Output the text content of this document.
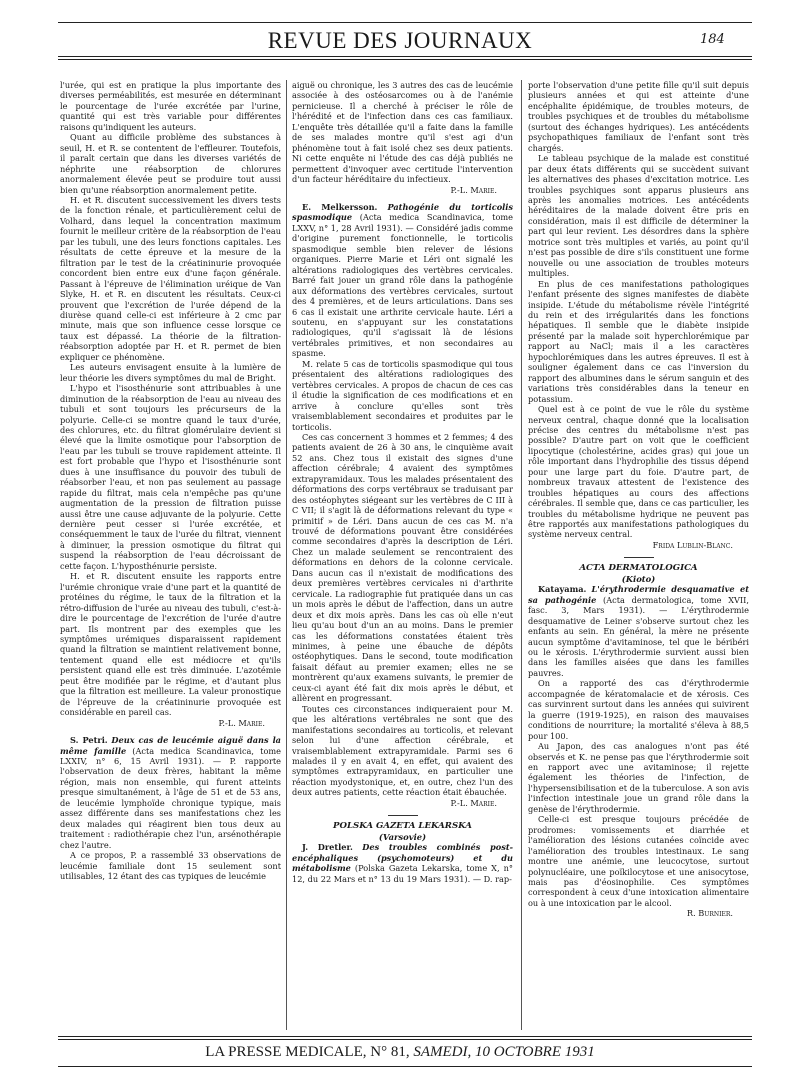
REVUE DES JOURNAUX	184

l'urée, qui est en pratique la plus importante des diverses perméabilités, est mesurée en déterminant le pourcentage de l'urée excrétée par l'urine, quantité qui est très variable pour différentes raisons qu'indiquent les auteurs.

Quant au difficile problème des substances à seuil, H. et R. se contentent de l'effleurer. Toutefois, il paraît certain que dans les diverses variétés de néphrite une réabsorption de chlorures anormalement élevée peut se produire tout aussi bien qu'une réabsorption anormalement petite.

H. et R. discutent successivement les divers tests de la fonction rénale, et particulièrement celui de Volhard, dans lequel la concentration maximum fournit le meilleur critère de la réabsorption de l'eau par les tubuli, une des leurs fonctions capitales. Les résultats de cette épreuve et la mesure de la filtration par le test de la créatininurie provoquée concordent bien entre eux d'une façon générale. Passant à l'épreuve de l'élimination uréique de Van Slyke, H. et R. en discutent les résultats. Ceux-ci prouvent que l'excrétion de l'urée dépend de la diurèse quand celle-ci est inférieure à 2 cmc par minute, mais que son influence cesse lorsque ce taux est dépassé. La théorie de la filtration-réabsorption adoptée par H. et R. permet de bien expliquer ce phénomène.

Les auteurs envisagent ensuite à la lumière de leur théorie les divers symptômes du mal de Bright.

L'hypo et l'isosthénurie sont attribuables à une diminution de la réabsorption de l'eau au niveau des tubuli et sont toujours les précurseurs de la polyurie. Celle-ci se montre quand le taux d'urée, des chlorures, etc. du filtrat glomérulaire devient si élevé que la limite osmotique pour l'absorption de l'eau par les tubuli se trouve rapidement atteinte. Il est fort probable que l'hypo et l'isosthénurie sont dues à une insuffisance du pouvoir des tubuli de réabsorber l'eau, et non pas seulement au passage rapide du filtrat, mais cela n'empêche pas qu'une augmentation de la pression de filtration puisse aussi être une cause adjuvante de la polyurie. Cette dernière peut cesser si l'urée excrétée, et conséquemment le taux de l'urée du filtrat, viennent à diminuer, la pression osmotique du filtrat qui suspend la réabsorption de l'eau décroissant de cette façon. L'hyposthénurie persiste.

H. et R. discutent ensuite les rapports entre l'urémie chronique vraie d'une part et la quantité de protéines du régime, le taux de la filtration et la rétro-diffusion de l'urée au niveau des tubuli, c'est-à-dire le pourcentage de l'excrétion de l'urée d'autre part. Ils montrent par des exemples que les symptômes urémiques disparaissent rapidement quand la filtration se maintient relativement bonne, tentement quand elle est médiocre et qu'ils persistent quand elle est très diminuée. L'azotémie peut être modifiée par le régime, et d'autant plus que la filtration est meilleure. La valeur pronostique de l'épreuve de la créatininurie provoquée est considérable en pareil cas.

P.-L. Marie.

S. Petri. Deux cas de leucémie aiguë dans la même famille (Acta medica Scandinavica, tome LXXIV, n° 6, 15 Avril 1931). — P. rapporte l'observation de deux frères, habitant la même région, mais non ensemble, qui furent atteints presque simultanément, à l'âge de 51 et de 53 ans, de leucémie lymphoïde chronique typique, mais assez différente dans ses manifestations chez les deux malades qui réagirent bien tous deux au traitement : radiothérapie chez l'un, arsénothérapie chez l'autre.

A ce propos, P. a rassemblé 33 observations de leucémie familiale dont 15 seulement sont utilisables, 12 étant des cas typiques de leucémie

aiguë ou chronique, les 3 autres des cas de leucémie associée à des ostéosarcomes ou à de l'anémie pernicieuse. Il a cherché à préciser le rôle de l'hérédité et de l'infection dans ces cas familiaux. L'enquête très détaillée qu'il a faite dans la famille de ses malades montre qu'il s'est agi d'un phénomène tout à fait isolé chez ses deux patients. Ni cette enquête ni l'étude des cas déjà publiés ne permettent d'invoquer avec certitude l'intervention d'un facteur héréditaire du infectieux.

P.-L. Marie.

E. Melkersson. Pathogénie du torticolis spasmodique (Acta medica Scandinavica, tome LXXV, n° 1, 28 Avril 1931). — Considéré jadis comme d'origine purement fonctionnelle, le torticolis spasmodique semble bien relever de lésions organiques. Pierre Marie et Léri ont signalé les altérations radiologiques des vertèbres cervicales. Barré fait jouer un grand rôle dans la pathogénie aux déformations des vertèbres cervicales, surtout des 4 premières, et de leurs articulations. Dans ses 6 cas il existait une arthrite cervicale haute. Léri a soutenu, en s'appuyant sur les constatations radiologiques, qu'il s'agissait là de lésions vertébrales primitives, et non secondaires au spasme.

M. relate 5 cas de torticolis spasmodique qui tous présentaient des altérations radiologiques des vertèbres cervicales. A propos de chacun de ces cas il étudie la signification de ces modifications et en arrive à conclure qu'elles sont très vraisemblablement secondaires et produites par le torticolis.

Ces cas concernent 3 hommes et 2 femmes; 4 des patients avaient de 26 à 30 ans, le cinquième avait 52 ans. Chez tous il existait des signes d'une affection cérébrale; 4 avaient des symptômes extrapyramidaux. Tous les malades présentaient des déformations des corps vertébraux se traduisant par des ostéophytes siégeant sur les vertèbres de C III à C VII; il s'agit là de déformations relevant du type « primitif » de Léri. Dans aucun de ces cas M. n'a trouvé de déformations pouvant être considérées comme secondaires d'après la description de Léri. Chez un malade seulement se rencontraient des déformations en dehors de la colonne cervicale. Dans aucun cas il n'existait de modifications des deux premières vertèbres cervicales ni d'arthrite cervicale. La radiographie fut pratiquée dans un cas un mois après le début de l'affection, dans un autre deux et dix mois après. Dans les cas où elle n'eut lieu qu'au bout d'un an au moins. Dans le premier cas les déformations constatées étaient très minimes, à peine une ébauche de dépôts ostéophytiques. Dans le second, toute modification faisait défaut au premier examen; elles ne se montrèrent qu'aux examens suivants, le premier de ceux-ci ayant été fait dix mois après le début, et allèrent en progressant.

Toutes ces circonstances indiqueraient pour M. que les altérations vertébrales ne sont que des manifestations secondaires au torticolis, et relevant selon lui d'une affection cérébrale, et vraisemblablement extrapyramidale. Parmi ses 6 malades il y en avait 4, en effet, qui avaient des symptômes extrapyramidaux, en particulier une réaction myodystonique, et, en outre, chez l'un des deux autres patients, cette réaction était ébauchée.

P.-L. Marie.

POLSKA GAZETA LEKARSKA

(Varsovie)

J. Dretler. Des troubles combinés post-encéphaliques (psychomoteurs) et du métabolisme (Polska Gazeta Lekarska, tome X, n° 12, du 22 Mars et n° 13 du 19 Mars 1931). — D. rap-

porte l'observation d'une petite fille qu'il suit depuis plusieurs années et qui est atteinte d'une encéphalite épidémique, de troubles moteurs, de troubles psychiques et de troubles du métabolisme (surtout des échanges hydriques). Les antécédents psychopathiques familiaux de l'enfant sont très chargés.

Le tableau psychique de la malade est constitué par deux états différents qui se succèdent suivant les alternatives des phases d'excitation motrice. Les troubles psychiques sont apparus plusieurs ans après les anomalies motrices. Les antécédents héréditaires de la malade doivent être pris en considération, mais il est difficile de déterminer la part qui leur revient. Les désordres dans la sphère motrice sont très multiples et variés, au point qu'il n'est pas possible de dire s'ils constituent une forme nouvelle ou une association de troubles moteurs multiples.

En plus de ces manifestations pathologiques l'enfant présente des signes manifestes de diabète insipide. L'étude du métabolisme révèle l'intégrité du rein et des irrégularités dans les fonctions hépatiques. Il semble que le diabète insipide présenté par la malade soit hyperchlorémique par rapport au NaCl; mais il a les caractères hypochlorémiques dans les autres épreuves. Il est à souligner également dans ce cas l'inversion du rapport des albumines dans le sérum sanguin et des variations très considérables dans la teneur en potassium.

Quel est à ce point de vue le rôle du système nerveux central, chaque donné que la localisation précise des centres du métabolisme n'est pas possible? D'autre part on voit que le coefficient lipocytique (cholestérine, acides gras) qui joue un rôle important dans l'hydrophilie des tissus dépend pour une large part du foie. D'autre part, de nombreux travaux attestent de l'existence des troubles hépatiques au cours des affections cérébrales. Il semble que, dans ce cas particulier, les troubles du métabolisme hydrique ne peuvent pas être rapportés aux manifestations pathologiques du système nerveux central.

Frida Lublin-Blanc.

ACTA DERMATOLOGICA

(Kioto)

Katayama. L'érythrodermie desquamative et sa pathogénie (Acta dermatologica, tome XVII, fasc. 3, Mars 1931). — L'érythrodermie desquamative de Leiner s'observe surtout chez les enfants au sein. En général, la mère ne présente aucun symptôme d'avitaminose, tel que le béribéri ou le xérosis. L'érythrodermie survient aussi bien dans les familles aisées que dans les familles pauvres.

On a rapporté des cas d'érythrodermie accompagnée de kératomalacie et de xérosis. Ces cas survinrent surtout dans les années qui suivirent la guerre (1919-1925), en raison des mauvaises conditions de nourriture; la mortalité s'éleva à 88,5 pour 100.

Au Japon, des cas analogues n'ont pas été observés et K. ne pense pas que l'érythrodermie soit en rapport avec une avitaminose; il rejette également les théories de l'infection, de l'hypersensibilisation et de la tuberculose. A son avis l'infection intestinale joue un grand rôle dans la genèse de l'érythrodermie.

Celle-ci est presque toujours précédée de prodromes: vomissements et diarrhée et l'amélioration des lésions cutanées coïncide avec l'amélioration des troubles intestinaux. Le sang montre une anémie, une leucocytose, surtout polynucléaire, une poïkilocytose et une anisocytose, mais pas d'éosinophilie. Ces symptômes correspondent à ceux d'une intoxication alimentaire ou à une intoxication par le alcool.

R. Burnier.

LA PRESSE MEDICALE, N° 81, SAMEDI, 10 OCTOBRE 1931
